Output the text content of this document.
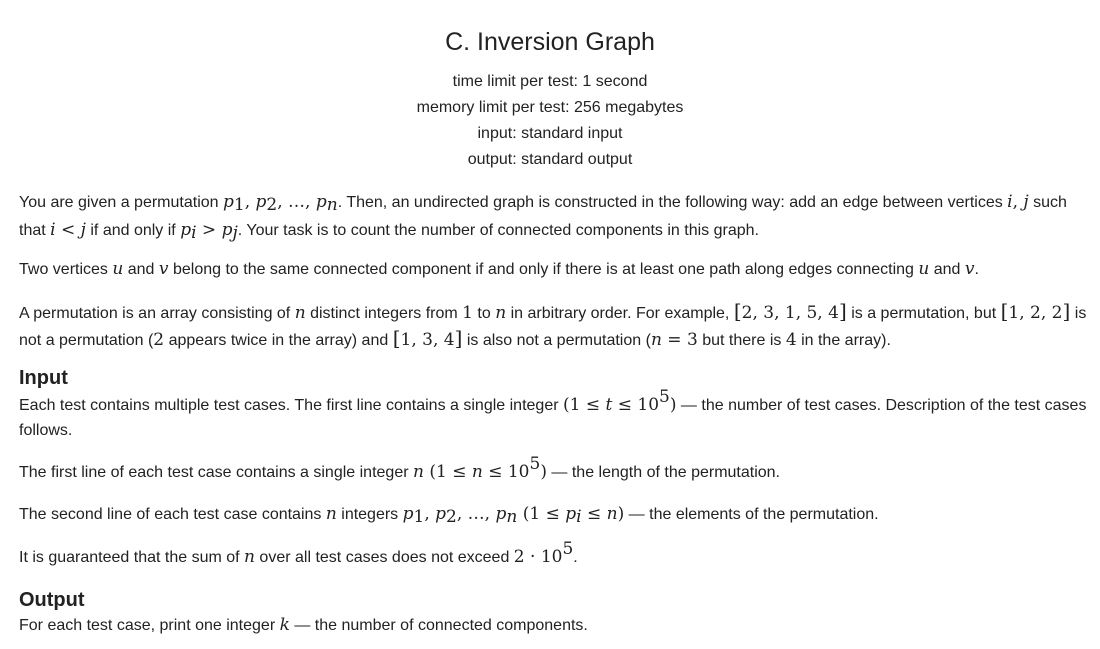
C. Inversion Graph
time limit per test: 1 second
memory limit per test: 256 megabytes
input: standard input
output: standard output
You are given a permutation $p_1$, $p_2$, …, $p_n$. Then, an undirected graph is constructed in the following way: add an edge between vertices i, j such that i < j if and only if $p_i > p_j$. Your task is to count the number of connected components in this graph.
Two vertices u and v belong to the same connected component if and only if there is at least one path along edges connecting u and v.
A permutation is an array consisting of n distinct integers from 1 to n in arbitrary order. For example, [2, 3, 1, 5, 4] is a permutation, but [1, 2, 2] is not a permutation (2 appears twice in the array) and [1, 3, 4] is also not a permutation (n = 3 but there is 4 in the array).
Input
Each test contains multiple test cases. The first line contains a single integer $(1 \le t \le 10^5)$ — the number of test cases. Description of the test cases follows.
The first line of each test case contains a single integer n $(1 \le n \le 10^5)$ — the length of the permutation.
The second line of each test case contains n integers $p_1$, $p_2$, …, $p_n$ $(1 \le p_i \le n)$ — the elements of the permutation.
It is guaranteed that the sum of n over all test cases does not exceed $2 \cdot 10^5$.
Output
For each test case, print one integer k — the number of connected components.
